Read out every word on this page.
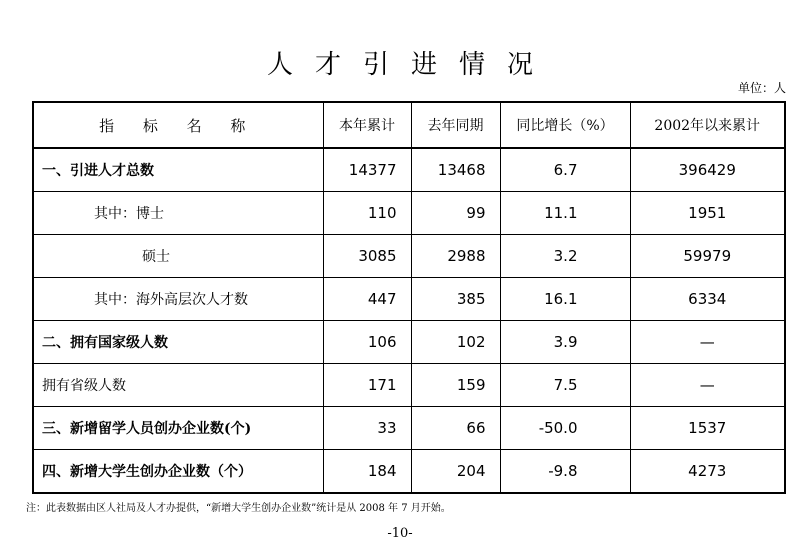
人才引进情况
单位：人
指 标 名 称	本年累计	去年同期	同比增长（%）	2002年以来累计
一、引进人才总数	14377	13468	6.7	396429
其中：博士	110	99	11.1	1951
硕士	3085	2988	3.2	59979
其中：海外高层次人才数	447	385	16.1	6334
二、拥有国家级人数	106	102	3.9	—
拥有省级人数	171	159	7.5	—
三、新增留学人员创办企业数(个)	33	66	-50.0	1537
四、新增大学生创办企业数（个）	184	204	-9.8	4273
注：此表数据由区人社局及人才办提供，“新增大学生创办企业数”统计是从 2008 年 7 月开始。
-10-
